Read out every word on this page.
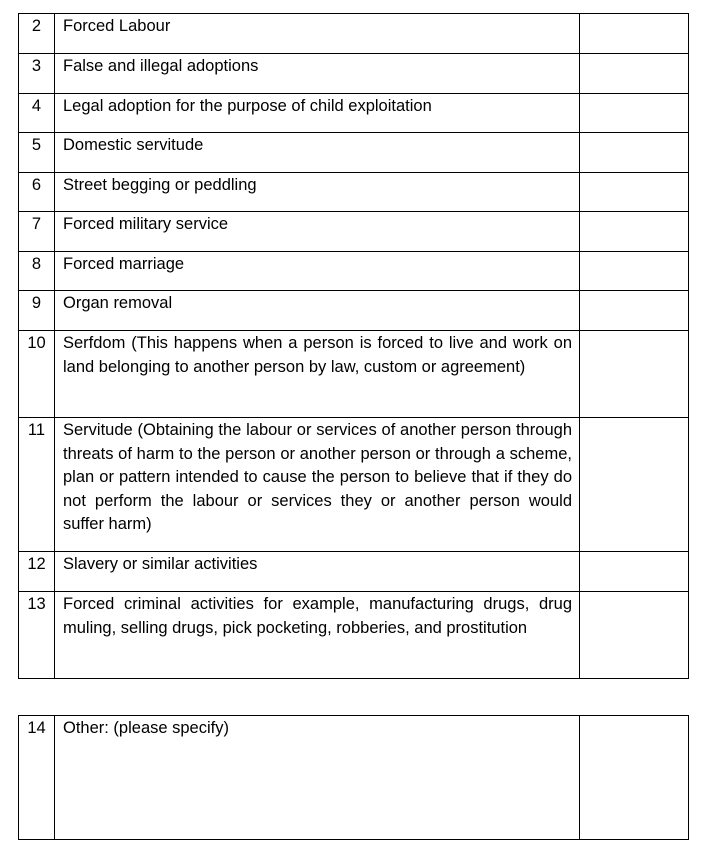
2	Forced Labour	
3	False and illegal adoptions	
4	Legal adoption for the purpose of child exploitation	
5	Domestic servitude	
6	Street begging or peddling	
7	Forced military service	
8	Forced marriage	
9	Organ removal	
10	Serfdom (This happens when a person is forced to live and work on land belonging to another person by law, custom or agreement)	
11	Servitude (Obtaining the labour or services of another person through threats of harm to the person or another person or through a scheme, plan or pattern intended to cause the person to believe that if they do not perform the labour or services they or another person would suffer harm)	
12	Slavery or similar activities	
13	Forced criminal activities for example, manufacturing drugs, drug muling, selling drugs, pick pocketing, robberies, and prostitution	
14	Other: (please specify)	
